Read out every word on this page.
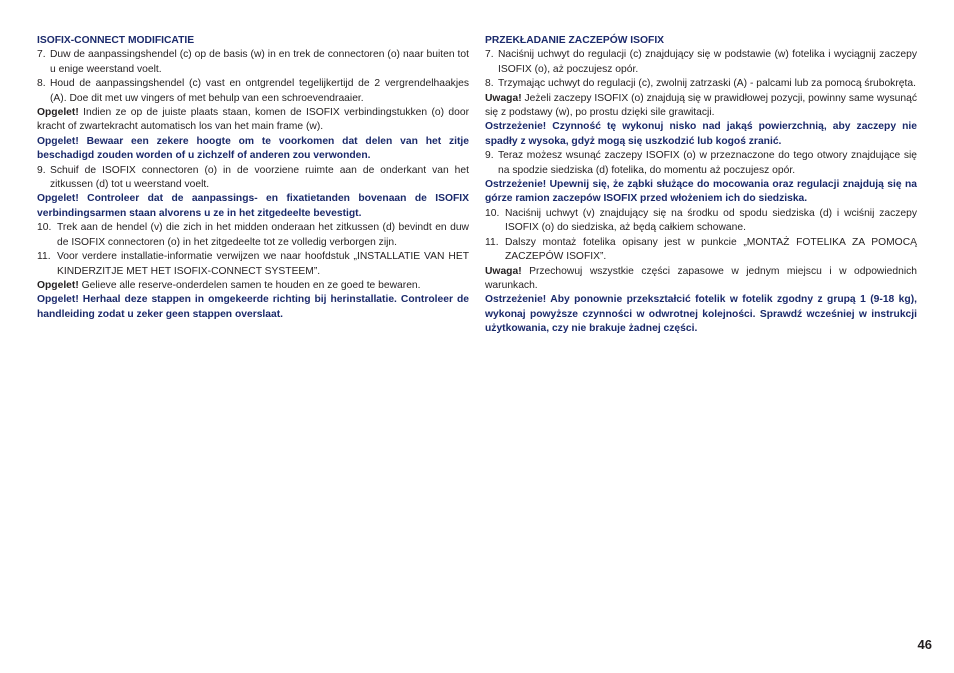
ISOFIX-CONNECT MODIFICATIE

7. Duw de aanpassingshendel (c) op de basis (w) in en trek de connectoren (o) naar buiten tot u enige weerstand voelt.
8. Houd de aanpassingshendel (c) vast en ontgrendel tegelijkertijd de 2 vergrendelhaakjes (A). Doe dit met uw vingers of met behulp van een schroevendraaier.

Opgelet! Indien ze op de juiste plaats staan, komen de ISOFIX verbindingstukken (o) door kracht of zwartekracht automatisch los van het main frame (w).

Opgelet! Bewaar een zekere hoogte om te voorkomen dat delen van het zitje beschadigd zouden worden of u zichzelf of anderen zou verwonden.

9. Schuif de ISOFIX connectoren (o) in de voorziene ruimte aan de onderkant van het zitkussen (d) tot u weerstand voelt.

Opgelet! Controleer dat de aanpassings- en fixatietanden bovenaan de ISOFIX verbindingsarmen staan alvorens u ze in het zitgedeelte bevestigt.

10. Trek aan de hendel (v) die zich in het midden onderaan het zitkussen (d) bevindt en duw de ISOFIX connectoren (o) in het zitgedeelte tot ze volledig verborgen zijn.
11. Voor verdere installatie-informatie verwijzen we naar hoofdstuk „INSTALLATIE VAN HET KINDERZITJE MET HET ISOFIX-CONNECT SYSTEEM”.

Opgelet! Gelieve alle reserve-onderdelen samen te houden en ze goed te bewaren.

Opgelet! Herhaal deze stappen in omgekeerde richting bij herinstallatie. Controleer de handleiding zodat u zeker geen stappen overslaat.

PRZEKŁADANIE ZACZEPÓW ISOFIX

7. Naciśnij uchwyt do regulacji (c) znajdujący się w podstawie (w) fotelika i wyciągnij zaczepy ISOFIX (o), aż poczujesz opór.
8. Trzymając uchwyt do regulacji (c), zwolnij zatrzaski (A) - palcami lub za pomocą śrubokręta.

Uwaga! Jeżeli zaczepy ISOFIX (o) znajdują się w prawidłowej pozycji, powinny same wysunąć się z podstawy (w), po prostu dzięki sile grawitacji.

Ostrzeżenie! Czynność tę wykonuj nisko nad jakąś powierzchnią, aby zaczepy nie spadły z wysoka, gdyż mogą się uszkodzić lub kogoś zranić.

9. Teraz możesz wsunąć zaczepy ISOFIX (o) w przeznaczone do tego otwory znajdujące się na spodzie siedziska (d) fotelika, do momentu aż poczujesz opór.

Ostrzeżenie! Upewnij się, że ząbki służące do mocowania oraz regulacji znajdują się na górze ramion zaczepów ISOFIX przed włożeniem ich do siedziska.

10. Naciśnij uchwyt (v) znajdujący się na środku od spodu siedziska (d) i wciśnij zaczepy ISOFIX (o) do siedziska, aż będą całkiem schowane.
11. Dalszy montaż fotelika opisany jest w punkcie „MONTAŻ FOTELIKA ZA POMOCĄ ZACZEPÓW ISOFIX”.

Uwaga! Przechowuj wszystkie części zapasowe w jednym miejscu i w odpowiednich warunkach.

Ostrzeżenie! Aby ponownie przekształcić fotelik w fotelik zgodny z grupą 1 (9-18 kg), wykonaj powyższe czynności w odwrotnej kolejności. Sprawdź wcześniej w instrukcji użytkowania, czy nie brakuje żadnej części.

46
